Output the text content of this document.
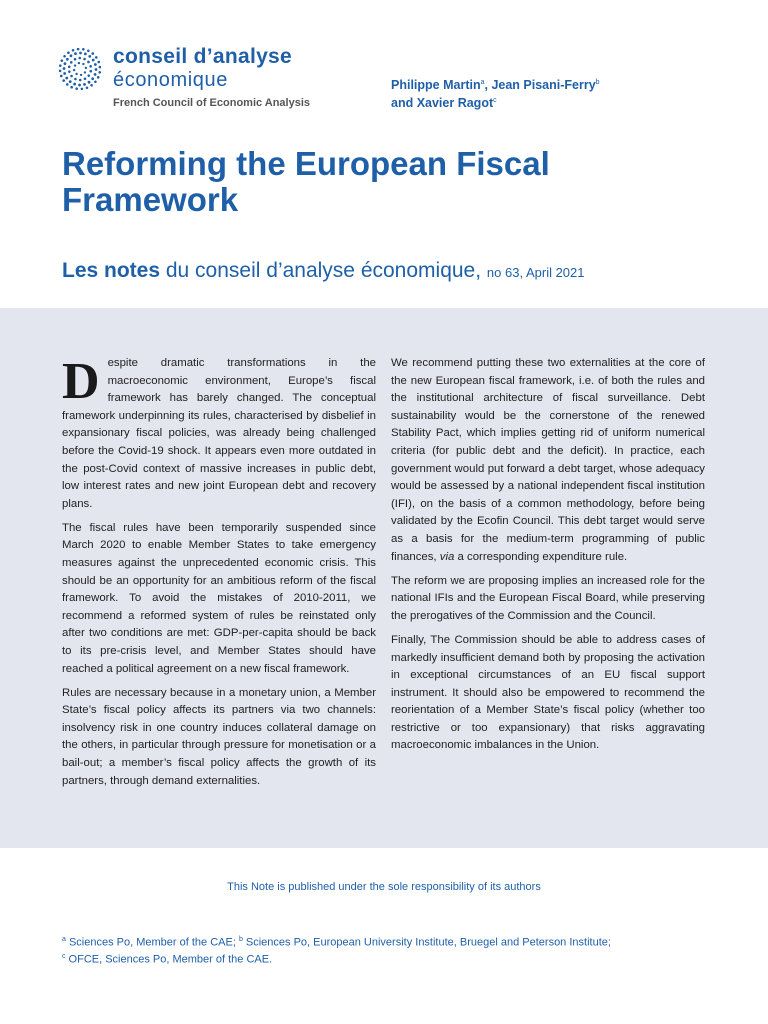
conseil d’analyse
économique
French Council of Economic Analysis
Philippe Martin$^a$, Jean Pisani-Ferry$^b$
and Xavier Ragot$^c$
Reforming the European Fiscal Framework
Les notes du conseil d’analyse économique, no 63, April 2021

Despite dramatic transformations in the macroeconomic environment, Europe’s fiscal framework has barely changed. The conceptual framework underpinning its rules, characterised by disbelief in expansionary fiscal policies, was already being challenged before the Covid-19 shock. It appears even more outdated in the post-Covid context of massive increases in public debt, low interest rates and new joint European debt and recovery plans.

The fiscal rules have been temporarily suspended since March 2020 to enable Member States to take emergency measures against the unprecedented economic crisis. This should be an opportunity for an ambitious reform of the fiscal framework. To avoid the mistakes of 2010-2011, we recommend a reformed system of rules be reinstated only after two conditions are met: GDP-per-capita should be back to its pre-crisis level, and Member States should have reached a political agreement on a new fiscal framework.

Rules are necessary because in a monetary union, a Member State’s fiscal policy affects its partners via two channels: insolvency risk in one country induces collateral damage on the others, in particular through pressure for monetisation or a bail-out; a member’s fiscal policy affects the growth of its partners, through demand externalities.

We recommend putting these two externalities at the core of the new European fiscal framework, i.e. of both the rules and the institutional architecture of fiscal surveillance. Debt sustainability would be the cornerstone of the renewed Stability Pact, which implies getting rid of uniform numerical criteria (for public debt and the deficit). In practice, each government would put forward a debt target, whose adequacy would be assessed by a national independent fiscal institution (IFI), on the basis of a common methodology, before being validated by the Ecofin Council. This debt target would serve as a basis for the medium-term programming of public finances, via a corresponding expenditure rule.

The reform we are proposing implies an increased role for the national IFIs and the European Fiscal Board, while preserving the prerogatives of the Commission and the Council.

Finally, The Commission should be able to address cases of markedly insufficient demand both by proposing the activation in exceptional circumstances of an EU fiscal support instrument. It should also be empowered to recommend the reorientation of a Member State’s fiscal policy (whether too restrictive or too expansionary) that risks aggravating macroeconomic imbalances in the Union.

This Note is published under the sole responsibility of its authors
$^a$ Sciences Po, Member of the CAE; $^b$ Sciences Po, European University Institute, Bruegel and Peterson Institute;
$^c$ OFCE, Sciences Po, Member of the CAE.
